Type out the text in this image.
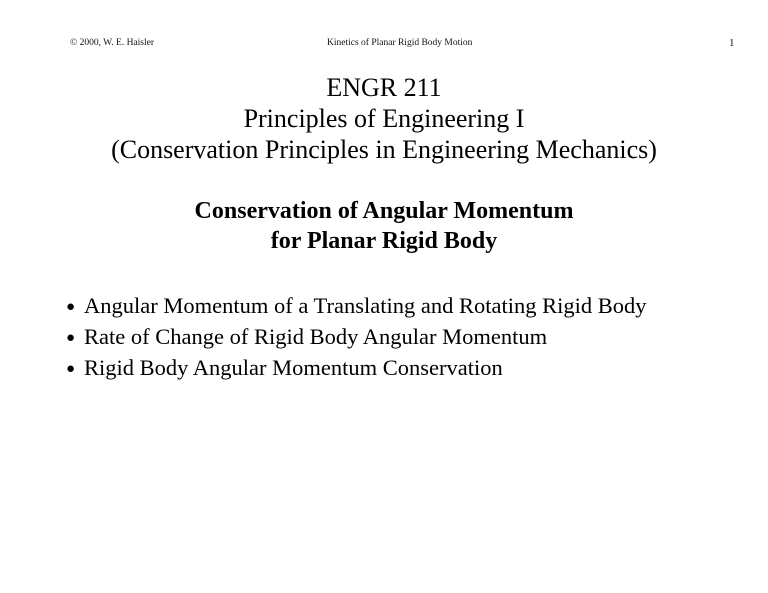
© 2000, W. E. Haisler	Kinetics of Planar Rigid Body Motion	1
ENGR 211
Principles of Engineering I
(Conservation Principles in Engineering Mechanics)
Conservation of Angular Momentum
for Planar Rigid Body
● Angular Momentum of a Translating and Rotating Rigid Body
● Rate of Change of Rigid Body Angular Momentum
● Rigid Body Angular Momentum Conservation
